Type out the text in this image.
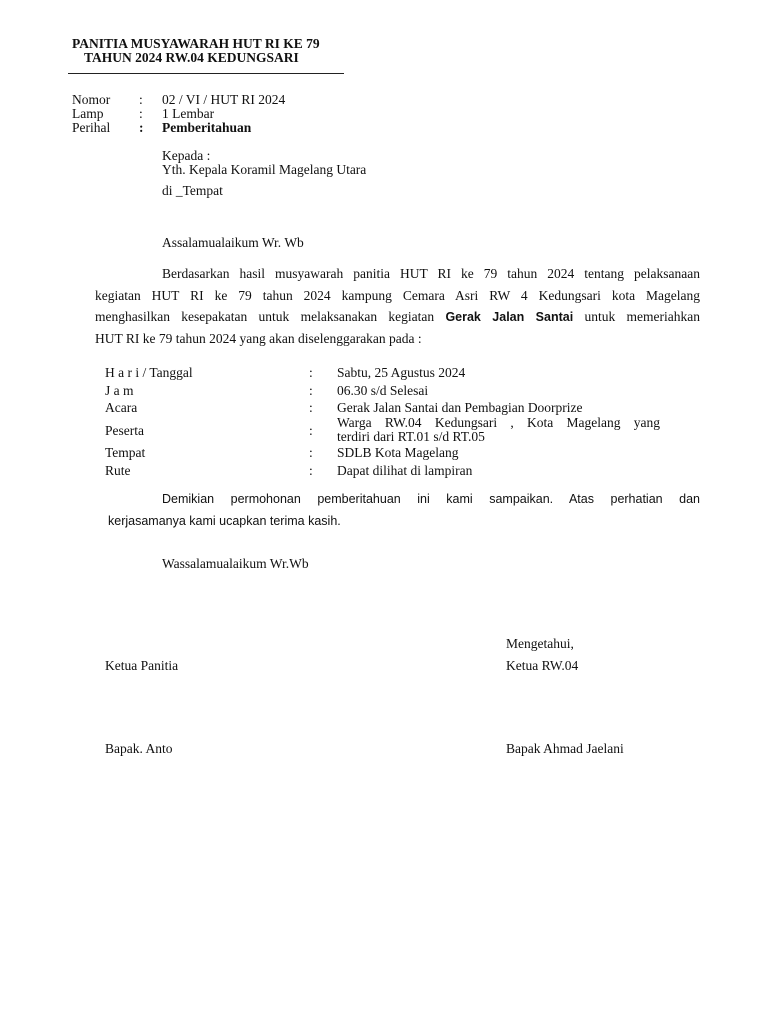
PANITIA MUSYAWARAH HUT RI KE 79
TAHUN 2024 RW.04 KEDUNGSARI
Nomor : 02 / VI / HUT RI 2024
Lamp	: 1 Lembar
Perihal : Pemberitahuan
Kepada :
Yth. Kepala Koramil Magelang Utara
di _Tempat
Assalamualaikum Wr. Wb
Berdasarkan hasil musyawarah panitia HUT RI ke 79 tahun 2024 tentang pelaksanaan
kegiatan HUT RI ke 79 tahun 2024 kampung Cemara Asri RW 4 Kedungsari kota Magelang
menghasilkan kesepakatan untuk melaksanakan kegiatan Gerak Jalan Santai untuk memeriahkan
HUT RI ke 79 tahun 2024 yang akan diselenggarakan pada :
H a r i / Tanggal	: Sabtu, 25 Agustus 2024
J a m	: 06.30 s/d Selesai
Acara	: Gerak Jalan Santai dan Pembagian Doorprize
Peserta	:
Warga RW.04 Kedungsari , Kota Magelang yang
terdiri dari RT.01 s/d RT.05
Tempat	: SDLB Kota Magelang
Rute	: Dapat dilihat di lampiran
Demikian permohonan pemberitahuan ini kami sampaikan. Atas perhatian dan
kerjasamanya kami ucapkan terima kasih.
Wassalamualaikum Wr.Wb
Mengetahui,
Ketua Panitia	Ketua RW.04
Bapak. Anto	Bapak Ahmad Jaelani
